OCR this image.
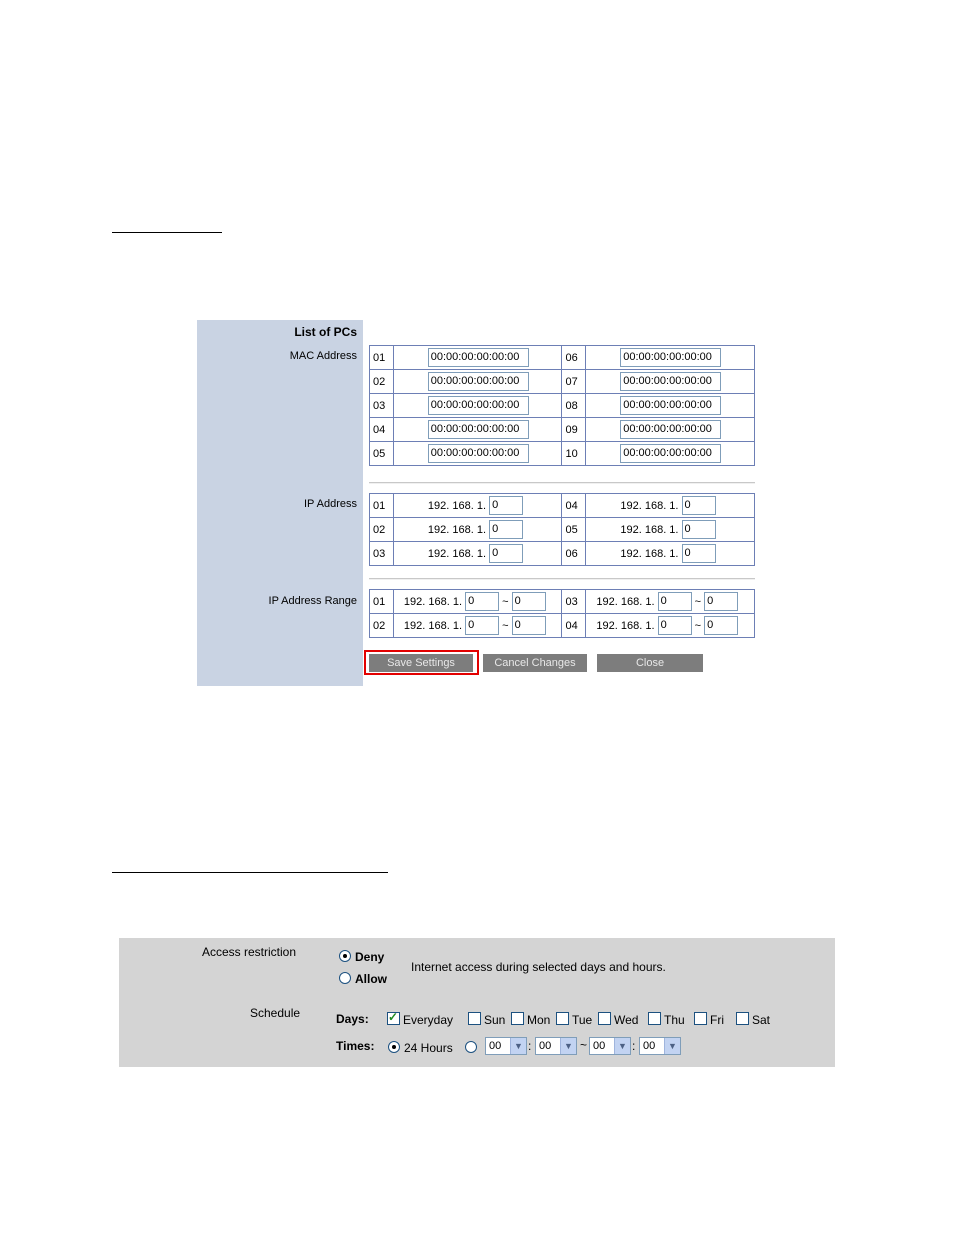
List of PCs
MAC Address
IP Address
IP Address Range
01	00:00:00:00:00:00	06	00:00:00:00:00:00
02	00:00:00:00:00:00	07	00:00:00:00:00:00
03	00:00:00:00:00:00	08	00:00:00:00:00:00
04	00:00:00:00:00:00	09	00:00:00:00:00:00
05	00:00:00:00:00:00	10	00:00:00:00:00:00
01	192. 168. 1. 0	04	192. 168. 1. 0
02	192. 168. 1. 0	05	192. 168. 1. 0
03	192. 168. 1. 0	06	192. 168. 1. 0
01	192. 168. 1. 0 ~ 0	03	192. 168. 1. 0 ~ 0
02	192. 168. 1. 0 ~ 0	04	192. 168. 1. 0 ~ 0
Save Settings	Cancel Changes	Close
Access restriction	Deny
Allow
Internet access during selected days and hours.
Schedule	Days: ✓	Everyday	Sun Mon Tue Wed Thu Fri Sat
Times: 24 Hours	00	▼ : 00	▼ ~ 00	▼ : 00	▼
